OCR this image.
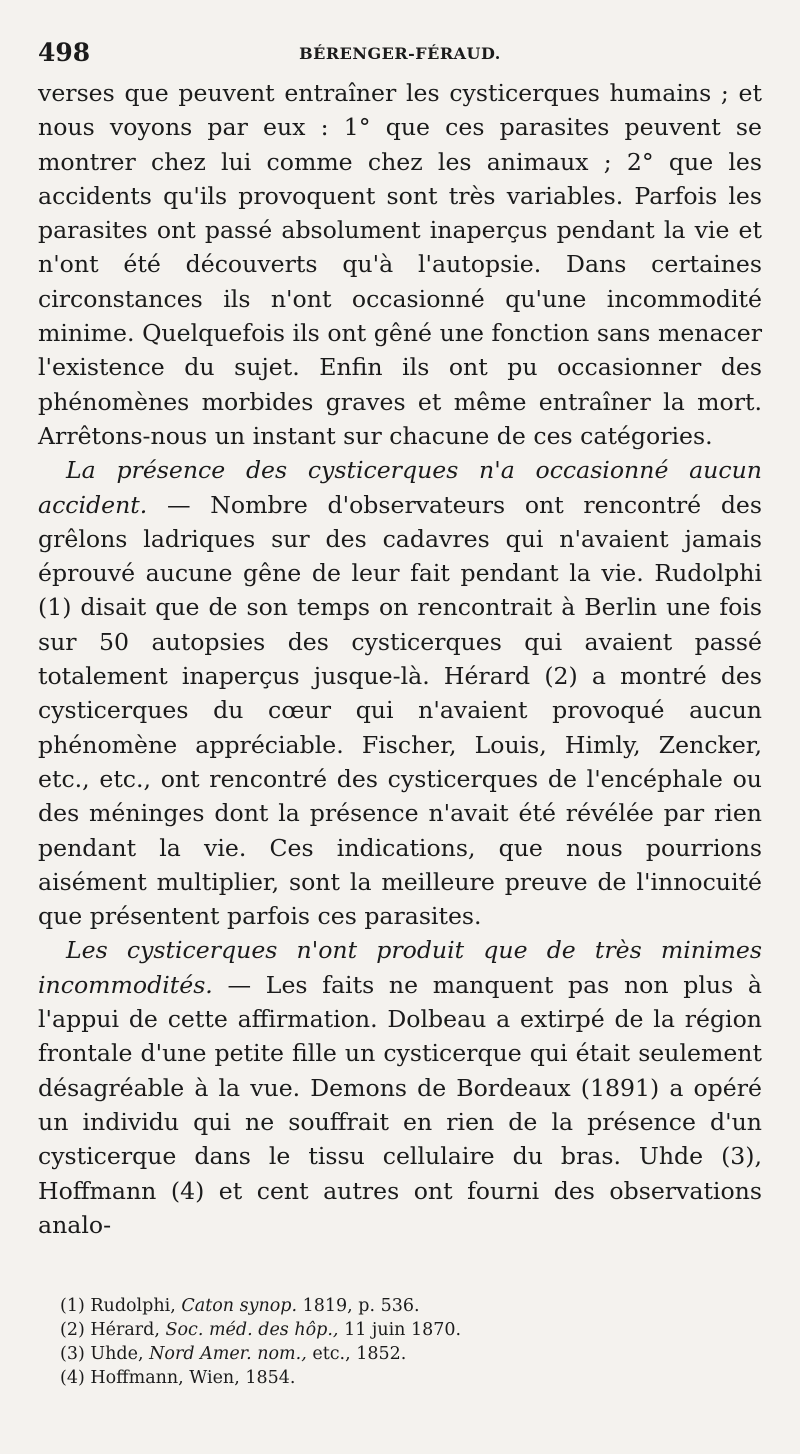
498	BÉRENGER-FÉRAUD.

verses que peuvent entraîner les cysticerques humains ; et nous voyons par eux : 1° que ces parasites peuvent se montrer chez lui comme chez les animaux ; 2° que les accidents qu'ils provoquent sont très variables. Parfois les parasites ont passé absolument inaperçus pendant la vie et n'ont été découverts qu'à l'autopsie. Dans certaines circonstances ils n'ont occasionné qu'une incommodité minime. Quelquefois ils ont gêné une fonction sans menacer l'existence du sujet. Enfin ils ont pu occasionner des phénomènes morbides graves et même entraîner la mort. Arrêtons-nous un instant sur chacune de ces catégories.

La présence des cysticerques n'a occasionné aucun accident. — Nombre d'observateurs ont rencontré des grêlons ladriques sur des cadavres qui n'avaient jamais éprouvé aucune gêne de leur fait pendant la vie. Rudolphi (1) disait que de son temps on rencontrait à Berlin une fois sur 50 autopsies des cysticerques qui avaient passé totalement inaperçus jusque-là. Hérard (2) a montré des cysticerques du cœur qui n'avaient provoqué aucun phénomène appréciable. Fischer, Louis, Himly, Zencker, etc., etc., ont rencontré des cysticerques de l'encéphale ou des méninges dont la présence n'avait été révélée par rien pendant la vie. Ces indications, que nous pourrions aisément multiplier, sont la meilleure preuve de l'innocuité que présentent parfois ces parasites.

Les cysticerques n'ont produit que de très minimes incommodités. — Les faits ne manquent pas non plus à l'appui de cette affirmation. Dolbeau a extirpé de la région frontale d'une petite fille un cysticerque qui était seulement désagréable à la vue. Demons de Bordeaux (1891) a opéré un individu qui ne souffrait en rien de la présence d'un cysticerque dans le tissu cellulaire du bras. Uhde (3), Hoffmann (4) et cent autres ont fourni des observations analo-

(1) Rudolphi, Caton synop. 1819, p. 536.
(2) Hérard, Soc. méd. des hôp., 11 juin 1870.
(3) Uhde, Nord Amer. nom., etc., 1852.
(4) Hoffmann, Wien, 1854.
